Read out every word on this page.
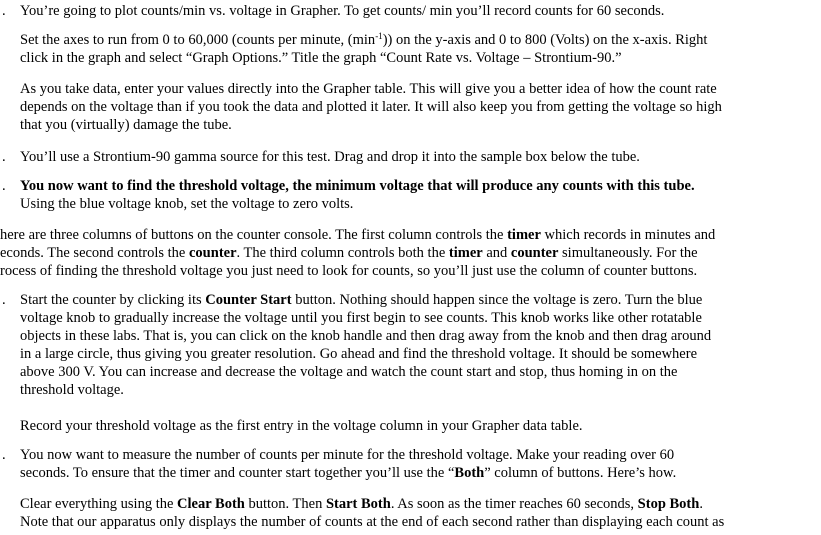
You’re going to plot counts/min vs. voltage in Grapher. To get counts/ min you’ll record counts for 60 seconds.
Set the axes to run from 0 to 60,000 (counts per minute, $(\min^{-1})$) on the y-axis and 0 to 800 (Volts) on the x-axis. Right
click in the graph and select “Graph Options.” Title the graph “Count Rate vs. Voltage – Strontium-90.”
As you take data, enter your values directly into the Grapher table. This will give you a better idea of how the count rate
depends on the voltage than if you took the data and plotted it later. It will also keep you from getting the voltage so high
that you (virtually) damage the tube.
You’ll use a Strontium-90 gamma source for this test. Drag and drop it into the sample box below the tube.
You now want to find the threshold voltage, the minimum voltage that will produce any counts with this tube.
Using the blue voltage knob, set the voltage to zero volts.
here are three columns of buttons on the counter console. The first column controls the timer which records in minutes and
econds. The second controls the counter. The third column controls both the timer and counter simultaneously. For the
rocess of finding the threshold voltage you just need to look for counts, so you’ll just use the column of counter buttons.
Start the counter by clicking its Counter Start button. Nothing should happen since the voltage is zero. Turn the blue
voltage knob to gradually increase the voltage until you first begin to see counts. This knob works like other rotatable
objects in these labs. That is, you can click on the knob handle and then drag away from the knob and then drag around
in a large circle, thus giving you greater resolution. Go ahead and find the threshold voltage. It should be somewhere
above 300 V. You can increase and decrease the voltage and watch the count start and stop, thus homing in on the
threshold voltage.
Record your threshold voltage as the first entry in the voltage column in your Grapher data table.
You now want to measure the number of counts per minute for the threshold voltage. Make your reading over 60
seconds. To ensure that the timer and counter start together you’ll use the “Both” column of buttons. Here’s how.
Clear everything using the Clear Both button. Then Start Both. As soon as the timer reaches 60 seconds, Stop Both.
Note that our apparatus only displays the number of counts at the end of each second rather than displaying each count as
.
.
.
.
.
